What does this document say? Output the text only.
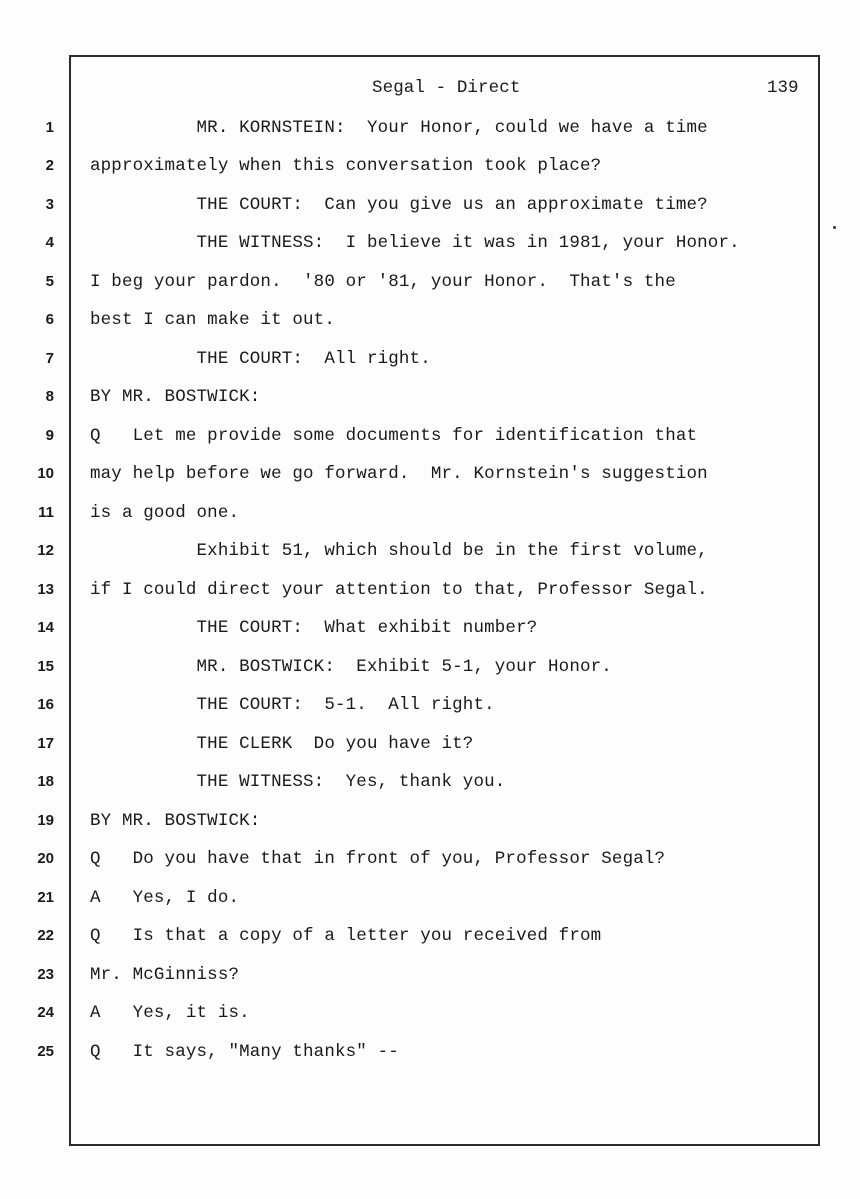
Segal - Direct	139
1 MR. KORNSTEIN:  Your Honor, could we have a time
2 approximately when this conversation took place?
3 THE COURT:  Can you give us an approximate time?
4 THE WITNESS:  I believe it was in 1981, your Honor.
5 I beg your pardon.  '80 or '81, your Honor.  That's the
6 best I can make it out.
7 THE COURT:  All right.
8 BY MR. BOSTWICK:
9 Q   Let me provide some documents for identification that
10 may help before we go forward.  Mr. Kornstein's suggestion
11 is a good one.
12 Exhibit 51, which should be in the first volume,
13 if I could direct your attention to that, Professor Segal.
14 THE COURT:  What exhibit number?
15 MR. BOSTWICK:  Exhibit 5-1, your Honor.
16 THE COURT:  5-1.  All right.
17 THE CLERK  Do you have it?
18 THE WITNESS:  Yes, thank you.
19 BY MR. BOSTWICK:
20 Q   Do you have that in front of you, Professor Segal?
21 A   Yes, I do.
22 Q   Is that a copy of a letter you received from
23 Mr. McGinniss?
24 A   Yes, it is.
25 Q   It says, "Many thanks" --
